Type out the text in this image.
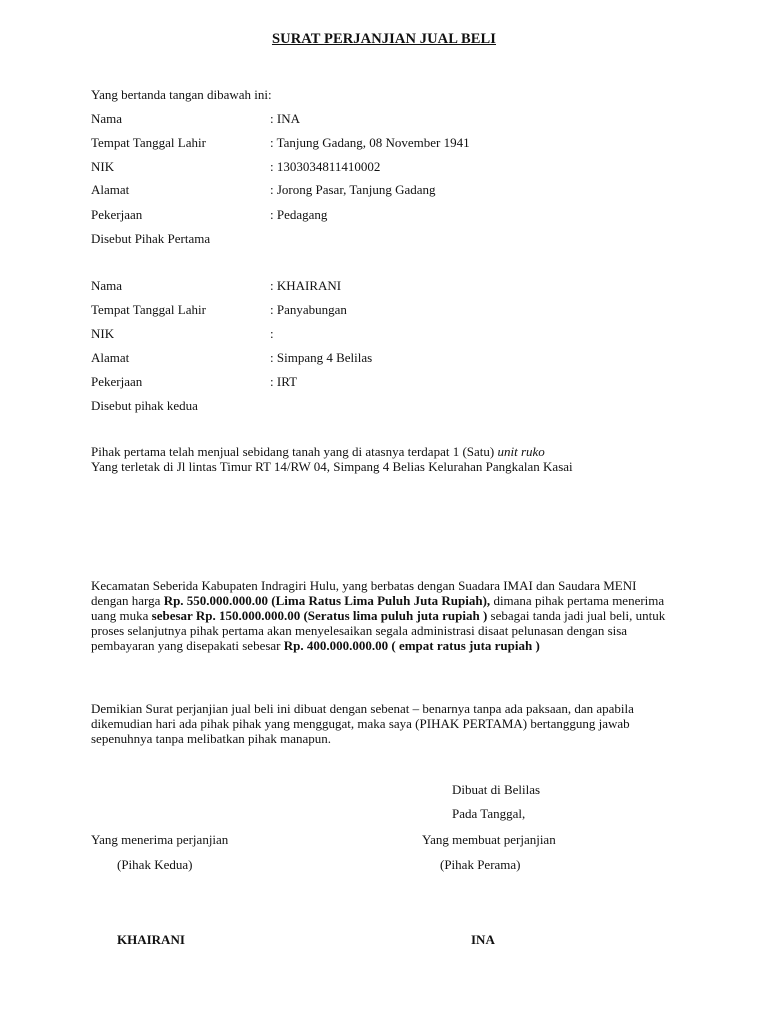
SURAT PERJANJIAN JUAL BELI
Yang bertanda tangan dibawah ini:
Nama	: INA
Tempat Tanggal Lahir	: Tanjung Gadang, 08 November 1941
NIK	: 1303034811410002
Alamat	: Jorong Pasar, Tanjung Gadang
Pekerjaan	: Pedagang
Disebut Pihak Pertama
Nama	: KHAIRANI
Tempat Tanggal Lahir	: Panyabungan
NIK	:
Alamat	: Simpang 4 Belilas
Pekerjaan	: IRT
Disebut pihak kedua
Pihak pertama telah menjual sebidang tanah yang di atasnya terdapat 1 (Satu) unit ruko
Yang terletak di Jl lintas Timur RT 14/RW 04, Simpang 4 Belias Kelurahan Pangkalan Kasai
Kecamatan Seberida Kabupaten Indragiri Hulu, yang berbatas dengan Suadara IMAI dan Saudara MENI dengan harga Rp. 550.000.000.00 (Lima Ratus Lima Puluh Juta Rupiah), dimana pihak pertama menerima uang muka sebesar Rp. 150.000.000.00 (Seratus lima puluh juta rupiah ) sebagai tanda jadi jual beli, untuk proses selanjutnya pihak pertama akan menyelesaikan segala administrasi disaat pelunasan dengan sisa pembayaran yang disepakati sebesar Rp. 400.000.000.00 ( empat ratus juta rupiah )
Demikian Surat perjanjian jual beli ini dibuat dengan sebenat – benarnya tanpa ada paksaan, dan apabila dikemudian hari ada pihak pihak yang menggugat, maka saya (PIHAK PERTAMA) bertanggung jawab sepenuhnya tanpa melibatkan pihak manapun.
Dibuat di Belilas
Pada Tanggal,
Yang menerima perjanjian	Yang membuat perjanjian
(Pihak Kedua)	(Pihak Perama)
KHAIRANI	INA
